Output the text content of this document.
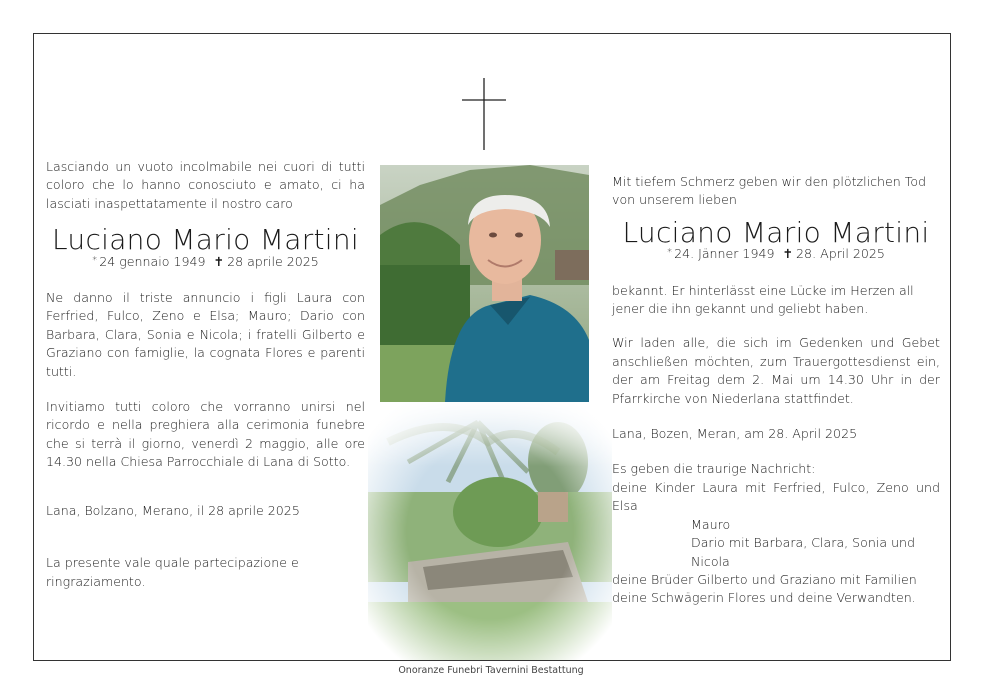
Lasciando un vuoto incolmabile nei cuori di tutti coloro che lo hanno conosciuto e amato, ci ha lasciati inaspettatamente il nostro caro

Luciano Mario Martini
* 24 gennaio 1949 ✝ 28 aprile 2025

Ne danno il triste annuncio i figli Laura con Ferfried, Fulco, Zeno e Elsa; Mauro; Dario con Barbara, Clara, Sonia e Nicola; i fratelli Gilberto e Graziano con famiglie, la cognata Flores e parenti tutti.

Invitiamo tutti coloro che vorranno unirsi nel ricordo e nella preghiera alla cerimonia funebre che si terrà il giorno, venerdì 2 maggio, alle ore 14.30 nella Chiesa Parrocchiale di Lana di Sotto.

Lana, Bolzano, Merano, il 28 aprile 2025

La presente vale quale partecipazione e ringraziamento.

Mit tiefem Schmerz geben wir den plötzlichen Tod von unserem lieben

Luciano Mario Martini
* 24. Jänner 1949 ✝ 28. April 2025

bekannt. Er hinterlässt eine Lücke im Herzen all jener die ihn gekannt und geliebt haben.

Wir laden alle, die sich im Gedenken und Gebet anschließen möchten, zum Trauergottesdienst ein, der am Freitag dem 2. Mai um 14.30 Uhr in der Pfarrkirche von Niederlana stattfindet.

Lana, Bozen, Meran, am 28. April 2025

Es geben die traurige Nachricht:

deine Kinder Laura mit Ferfried, Fulco, Zeno und Elsa

Mauro

Dario mit Barbara, Clara, Sonia und Nicola

deine Brüder Gilberto und Graziano mit Familien

deine Schwägerin Flores und deine Verwandten.

Onoranze Funebri Tavernini Bestattung
